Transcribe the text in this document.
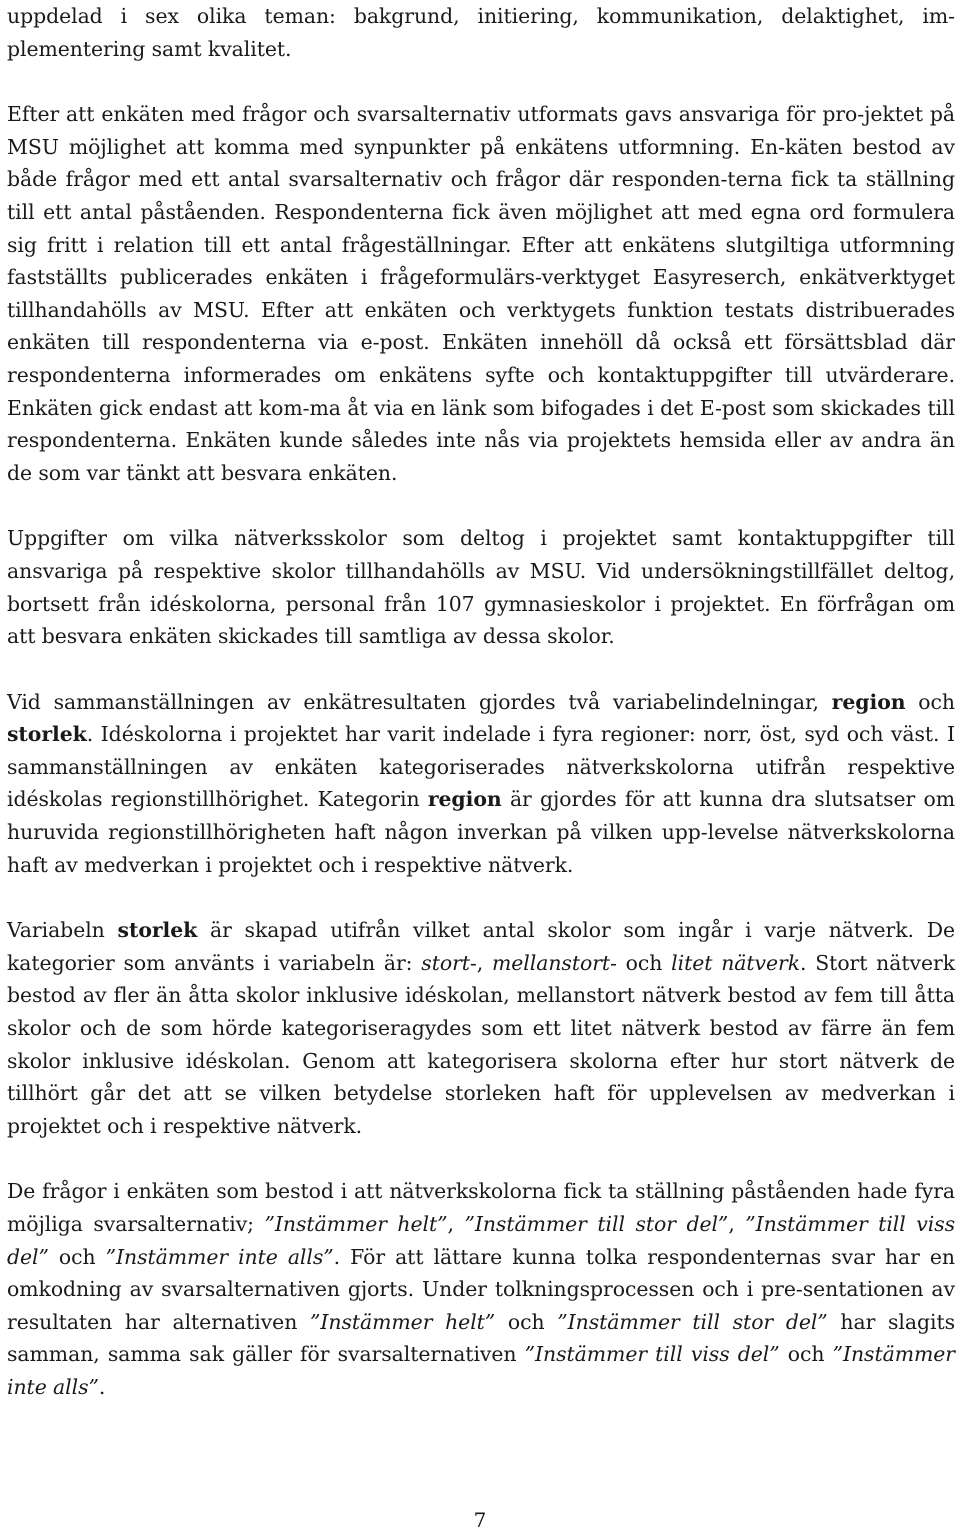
uppdelad i sex olika teman: bakgrund, initiering, kommunikation, delaktighet, im-plementering samt kvalitet.

Efter att enkäten med frågor och svarsalternativ utformats gavs ansvariga för pro-jektet på MSU möjlighet att komma med synpunkter på enkätens utformning. En-käten bestod av både frågor med ett antal svarsalternativ och frågor där responden-terna fick ta ställning till ett antal påståenden. Respondenterna fick även möjlighet att med egna ord formulera sig fritt i relation till ett antal frågeställningar. Efter att enkätens slutgiltiga utformning fastställts publicerades enkäten i frågeformulärs-verktyget Easyreserch, enkätverktyget tillhandahölls av MSU. Efter att enkäten och verktygets funktion testats distribuerades enkäten till respondenterna via e-post. Enkäten innehöll då också ett försättsblad där respondenterna informerades om enkätens syfte och kontaktuppgifter till utvärderare. Enkäten gick endast att kom-ma åt via en länk som bifogades i det E-post som skickades till respondenterna. Enkäten kunde således inte nås via projektets hemsida eller av andra än de som var tänkt att besvara enkäten.

Uppgifter om vilka nätverksskolor som deltog i projektet samt kontaktuppgifter till ansvariga på respektive skolor tillhandahölls av MSU. Vid undersökningstillfället deltog, bortsett från idéskolorna, personal från 107 gymnasieskolor i projektet. En förfrågan om att besvara enkäten skickades till samtliga av dessa skolor.

Vid sammanställningen av enkätresultaten gjordes två variabelindelningar, region och storlek. Idéskolorna i projektet har varit indelade i fyra regioner: norr, öst, syd och väst. I sammanställningen av enkäten kategoriserades nätverkskolorna utifrån respektive idéskolas regionstillhörighet. Kategorin region är gjordes för att kunna dra slutsatser om huruvida regionstillhörigheten haft någon inverkan på vilken upp-levelse nätverkskolorna haft av medverkan i projektet och i respektive nätverk.

Variabeln storlek är skapad utifrån vilket antal skolor som ingår i varje nätverk. De kategorier som använts i variabeln är: stort-, mellanstort- och litet nätverk. Stort nätverk bestod av fler än åtta skolor inklusive idéskolan, mellanstort nätverk bestod av fem till åtta skolor och de som hörde kategoriseragydes som ett litet nätverk bestod av färre än fem skolor inklusive idéskolan. Genom att kategorisera skolorna efter hur stort nätverk de tillhört går det att se vilken betydelse storleken haft för upplevelsen av medverkan i projektet och i respektive nätverk.

De frågor i enkäten som bestod i att nätverkskolorna fick ta ställning påståenden hade fyra möjliga svarsalternativ; ”Instämmer helt”, ”Instämmer till stor del”, ”Instämmer till viss del” och ”Instämmer inte alls”. För att lättare kunna tolka respondenternas svar har en omkodning av svarsalternativen gjorts. Under tolkningsprocessen och i pre-sentationen av resultaten har alternativen ”Instämmer helt” och ”Instämmer till stor del” har slagits samman, samma sak gäller för svarsalternativen ”Instämmer till viss del” och ”Instämmer inte alls”.

7
